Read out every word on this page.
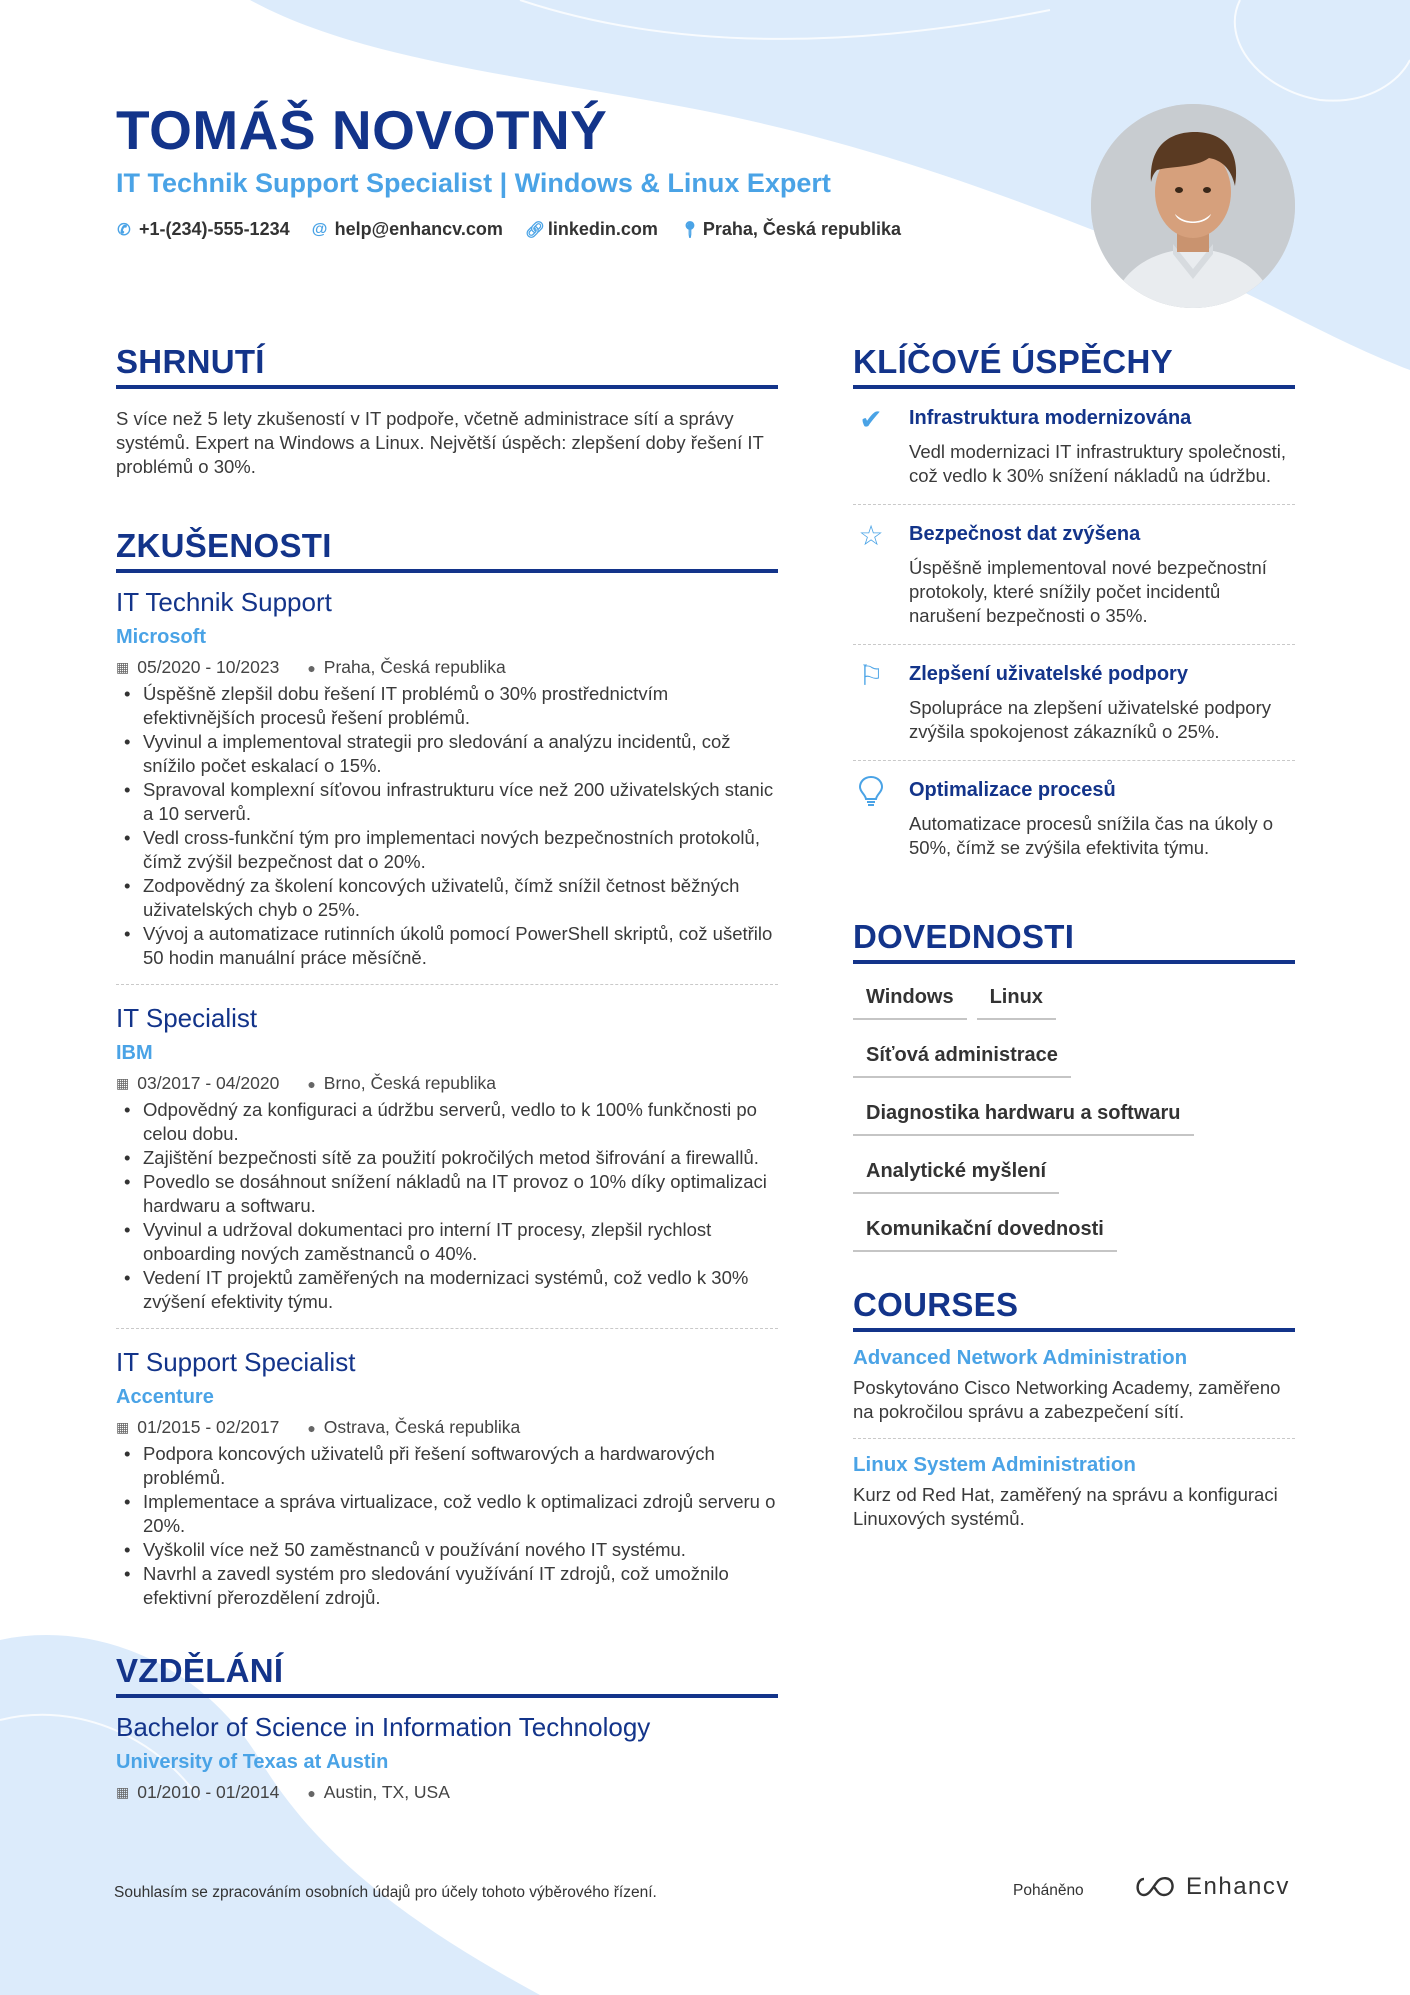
TOMÁŠ NOVOTNÝ
IT Technik Support Specialist | Windows & Linux Expert
✆ +1-(234)-555-1234 @ help@enhancv.com 🔗︎ linkedin.com 📍︎ Praha, Česká republika
SHRNUTÍ
S více než 5 lety zkušeností v IT podpoře, včetně administrace sítí a správy systémů. Expert na Windows a Linux. Největší úspěch: zlepšení doby řešení IT problémů o 30%.
ZKUŠENOSTI
IT Technik Support
Microsoft
▦ 05/2020 - 10/2023 ● Praha, Česká republika
• Úspěšně zlepšil dobu řešení IT problémů o 30% prostřednictvím efektivnějších procesů řešení problémů.
• Vyvinul a implementoval strategii pro sledování a analýzu incidentů, což snížilo počet eskalací o 15%.
• Spravoval komplexní síťovou infrastrukturu více než 200 uživatelských stanic a 10 serverů.
• Vedl cross-funkční tým pro implementaci nových bezpečnostních protokolů, čímž zvýšil bezpečnost dat o 20%.
• Zodpovědný za školení koncových uživatelů, čímž snížil četnost běžných uživatelských chyb o 25%.
• Vývoj a automatizace rutinních úkolů pomocí PowerShell skriptů, což ušetřilo 50 hodin manuální práce měsíčně.
IT Specialist
IBM
▦ 03/2017 - 04/2020 ● Brno, Česká republika
• Odpovědný za konfiguraci a údržbu serverů, vedlo to k 100% funkčnosti po celou dobu.
• Zajištění bezpečnosti sítě za použití pokročilých metod šifrování a firewallů.
• Povedlo se dosáhnout snížení nákladů na IT provoz o 10% díky optimalizaci hardwaru a softwaru.
• Vyvinul a udržoval dokumentaci pro interní IT procesy, zlepšil rychlost onboarding nových zaměstnanců o 40%.
• Vedení IT projektů zaměřených na modernizaci systémů, což vedlo k 30% zvýšení efektivity týmu.
IT Support Specialist
Accenture
▦ 01/2015 - 02/2017 ● Ostrava, Česká republika
• Podpora koncových uživatelů při řešení softwarových a hardwarových problémů.
• Implementace a správa virtualizace, což vedlo k optimalizaci zdrojů serveru o 20%.
• Vyškolil více než 50 zaměstnanců v používání nového IT systému.
• Navrhl a zavedl systém pro sledování využívání IT zdrojů, což umožnilo efektivní přerozdělení zdrojů.
VZDĚLÁNÍ
Bachelor of Science in Information Technology
University of Texas at Austin
▦ 01/2010 - 01/2014 ● Austin, TX, USA
KLÍČOVÉ ÚSPĚCHY
✔	Infrastruktura modernizována
Vedl modernizaci IT infrastruktury společnosti, což vedlo k 30% snížení nákladů na údržbu.
☆ Bezpečnost dat zvýšena
Úspěšně implementoval nové bezpečnostní protokoly, které snížily počet incidentů narušení bezpečnosti o 35%.
⚐ Zlepšení uživatelské podpory
Spolupráce na zlepšení uživatelské podpory zvýšila spokojenost zákazníků o 25%.
Optimalizace procesů
Automatizace procesů snížila čas na úkoly o 50%, čímž se zvýšila efektivita týmu.
DOVEDNOSTI
Windows	Linux
Síťová administrace
Diagnostika hardwaru a softwaru
Analytické myšlení
Komunikační dovednosti
COURSES
Advanced Network Administration
Poskytováno Cisco Networking Academy, zaměřeno na pokročilou správu a zabezpečení sítí.
Linux System Administration
Kurz od Red Hat, zaměřený na správu a konfiguraci Linuxových systémů.
Souhlasím se zpracováním osobních údajů pro účely tohoto výběrového řízení.	Poháněno	Enhancv
